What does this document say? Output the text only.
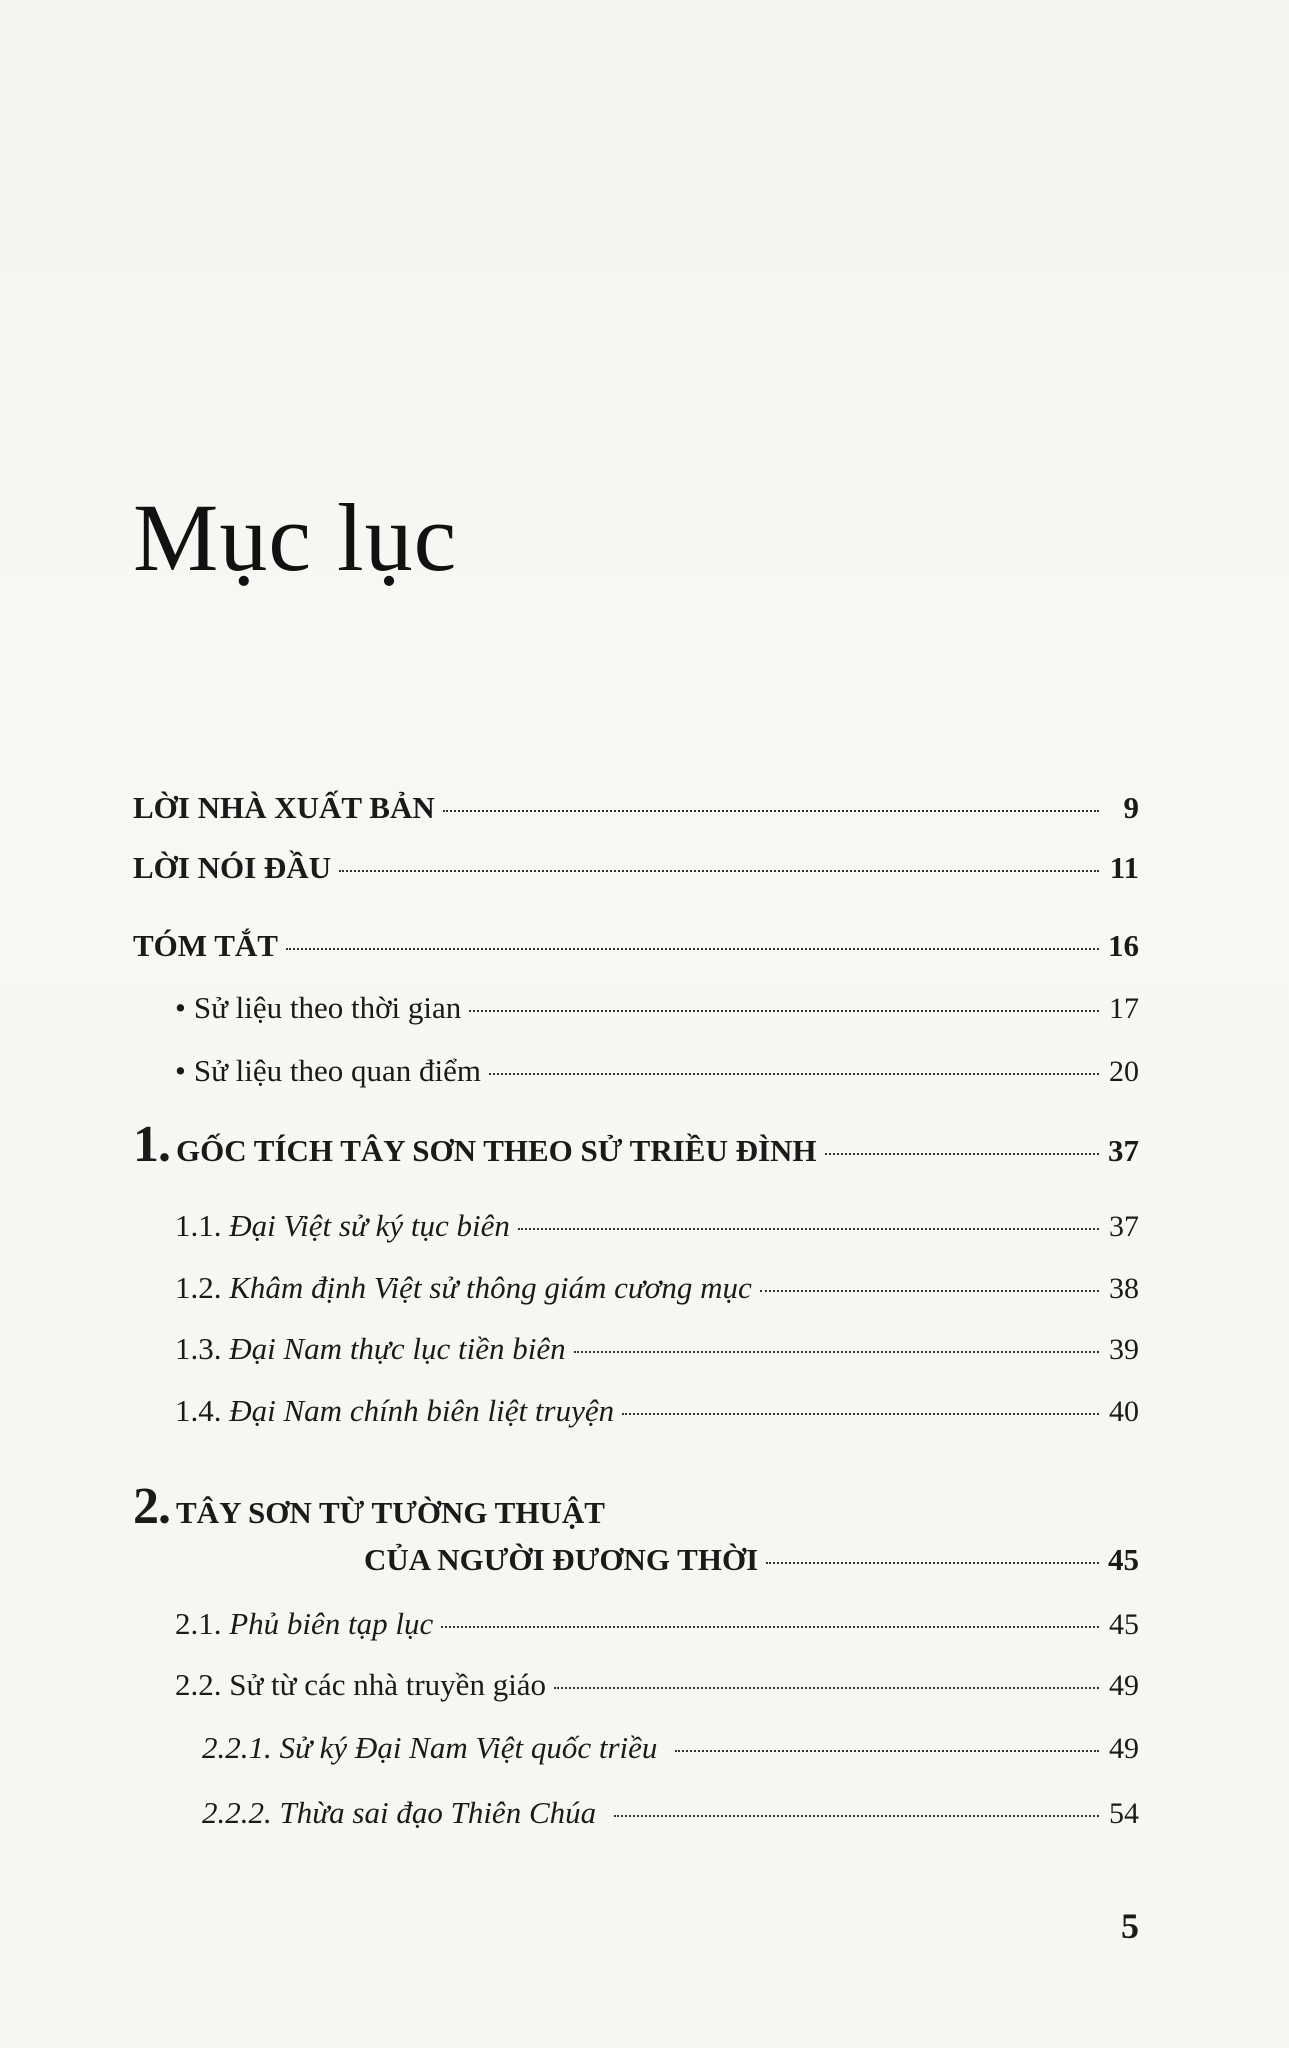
Mục lục
LỜI NHÀ XUẤT BẢN	9
LỜI NÓI ĐẦU	11
TÓM TẮT	16
• Sử liệu theo thời gian	17
• Sử liệu theo quan điểm	20
1. GỐC TÍCH TÂY SƠN THEO SỬ TRIỀU ĐÌNH	37
1.1. Đại Việt sử ký tục biên	37
1.2. Khâm định Việt sử thông giám cương mục	38
1.3. Đại Nam thực lục tiền biên	39
1.4. Đại Nam chính biên liệt truyện	40
2. TÂY SƠN TỪ TƯỜNG THUẬT
CỦA NGƯỜI ĐƯƠNG THỜI	45
2.1. Phủ biên tạp lục	45
2.2. Sử từ các nhà truyền giáo	49
2.2.1. Sử ký Đại Nam Việt quốc triều	49
2.2.2. Thừa sai đạo Thiên Chúa	54
5
